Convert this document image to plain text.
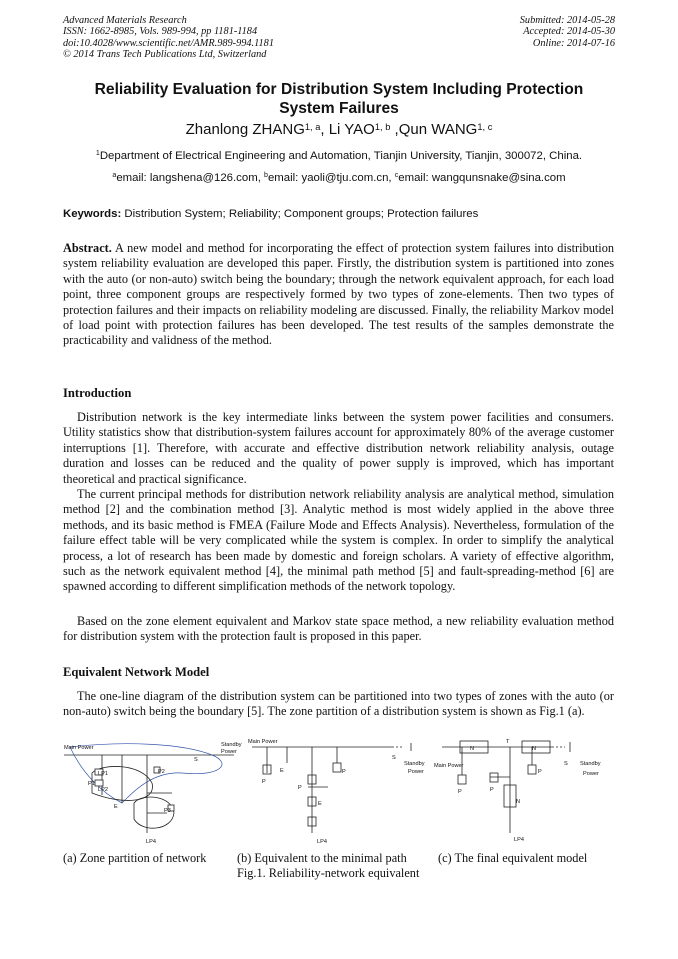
Advanced Materials Research
ISSN: 1662-8985, Vols. 989-994, pp 1181-1184
doi:10.4028/www.scientific.net/AMR.989-994.1181
© 2014 Trans Tech Publications Ltd, Switzerland
Submitted: 2014-05-28
Accepted: 2014-05-30
Online: 2014-07-16
Reliability Evaluation for Distribution System Including Protection
System Failures
Zhanlong ZHANG$^{1, a}$, Li YAO$^{1, b}$ ,Qun WANG$^{1, c}$
$^1$Department of Electrical Engineering and Automation, Tianjin University, Tianjin, 300072, China.
$^a$email: langshena@126.com, $^b$email: yaoli@tju.com.cn, $^c$email: wangqunsnake@sina.com
Keywords: Distribution System; Reliability; Component groups; Protection failures
Abstract. A new model and method for incorporating the effect of protection system failures into distribution system reliability evaluation are developed this paper. Firstly, the distribution system is partitioned into zones with the auto (or non-auto) switch being the boundary; through the network equivalent approach, for each load point, three component groups are respectively formed by two types of zone-elements. Then two types of protection failures and their impacts on reliability modeling are discussed. Finally, the reliability Markov model of load point with protection failures has been developed. The test results of the samples demonstrate the practicability and validness of the method.
Introduction
Distribution network is the key intermediate links between the system power facilities and consumers. Utility statistics show that distribution-system failures account for approximately 80% of the average customer interruptions [1]. Therefore, with accurate and effective distribution network reliability analysis, outage duration and losses can be reduced and the quality of power supply is improved, which has important theoretical and practical significance.
The current principal methods for distribution network reliability analysis are analytical method, simulation method [2] and the combination method [3]. Analytic method is most widely applied in the above three methods, and its basic method is FMEA (Failure Mode and Effects Analysis). Nevertheless, formulation of the failure effect table will be very complicated while the system is complex. In order to simplify the analytical process, a lot of research has been made by domestic and foreign scholars. A variety of effective algorithm, such as the network equivalent method [4], the minimal path method [5] and fault-spreading-method [6] are spawned according to different simplification methods of the network topology.
Based on the zone element equivalent and Markov state space method, a new reliability evaluation method for distribution system with the protection fault is proposed in this paper.
Equivalent Network Model
The one-line diagram of the distribution system can be partitioned into two types of zones with the auto (or non-auto) switch being the boundary [5]. The zone partition of a distribution system is shown as Fig.1 (a).
Main Power	Standby
Power
LP1
LP2
P1
P2
P3
LP4
E
S
Main Power
Standby
Power
S
P
P
P
LP4
E
E
Main Power	Standby
Power
S
N	N
N
T
P
P
P
LP4
(a) Zone partition of network (b) Equivalent to the minimal path	(c) The final equivalent model
Fig.1. Reliability-network equivalent
